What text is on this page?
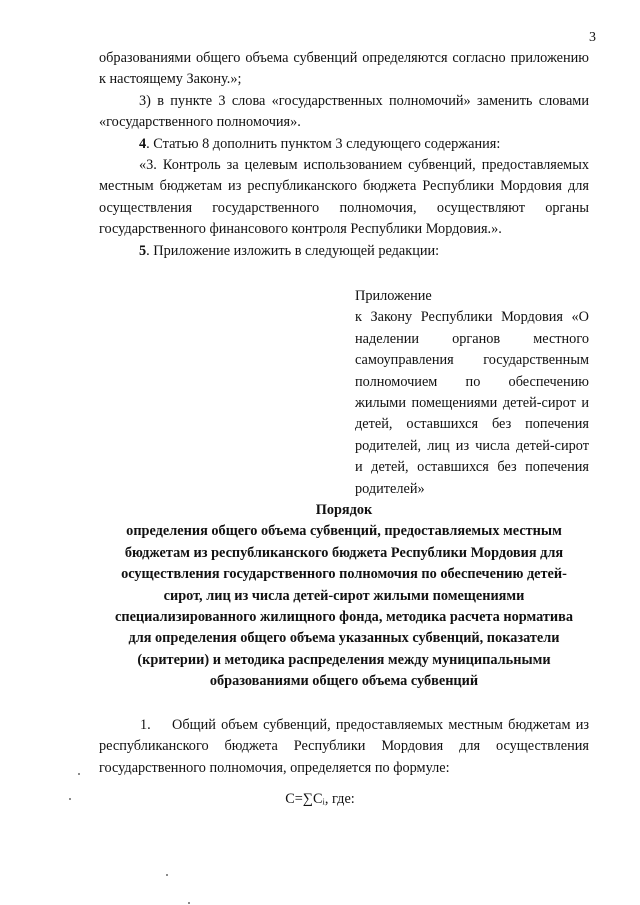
3

образованиями общего объема субвенций определяются согласно приложению к настоящему Закону.»;

3) в пункте 3 слова «государственных полномочий» заменить словами «государственного полномочия».

4. Статью 8 дополнить пунктом 3 следующего содержания:

«3. Контроль за целевым использованием субвенций, предоставляемых местным бюджетам из республиканского бюджета Республики Мордовия для осуществления государственного полномочия, осуществляют органы государственного финансового контроля Республики Мордовия.».

5. Приложение изложить в следующей редакции:

Приложение
к Закону Республики Мордовия «О наделении органов местного самоуправления государственным полномочием по обеспечению жилыми помещениями детей-сирот и детей, оставшихся без попечения родителей, лиц из числа детей-сирот и детей, оставшихся без попечения родителей»
Порядок
определения общего объема субвенций, предоставляемых местным
бюджетам из республиканского бюджета Республики Мордовия для
осуществления государственного полномочия по обеспечению детей-
сирот, лиц из числа детей-сирот жилыми помещениями
специализированного жилищного фонда, методика расчета норматива
для определения общего объема указанных субвенций, показатели
(критерии) и методика распределения между муниципальными
образованиями общего объема субвенций
1. Общий объем субвенций, предоставляемых местным бюджетам из республиканского бюджета Республики Мордовия для осуществления государственного полномочия, определяется по формуле:
С=∑Сᵢ, где:
